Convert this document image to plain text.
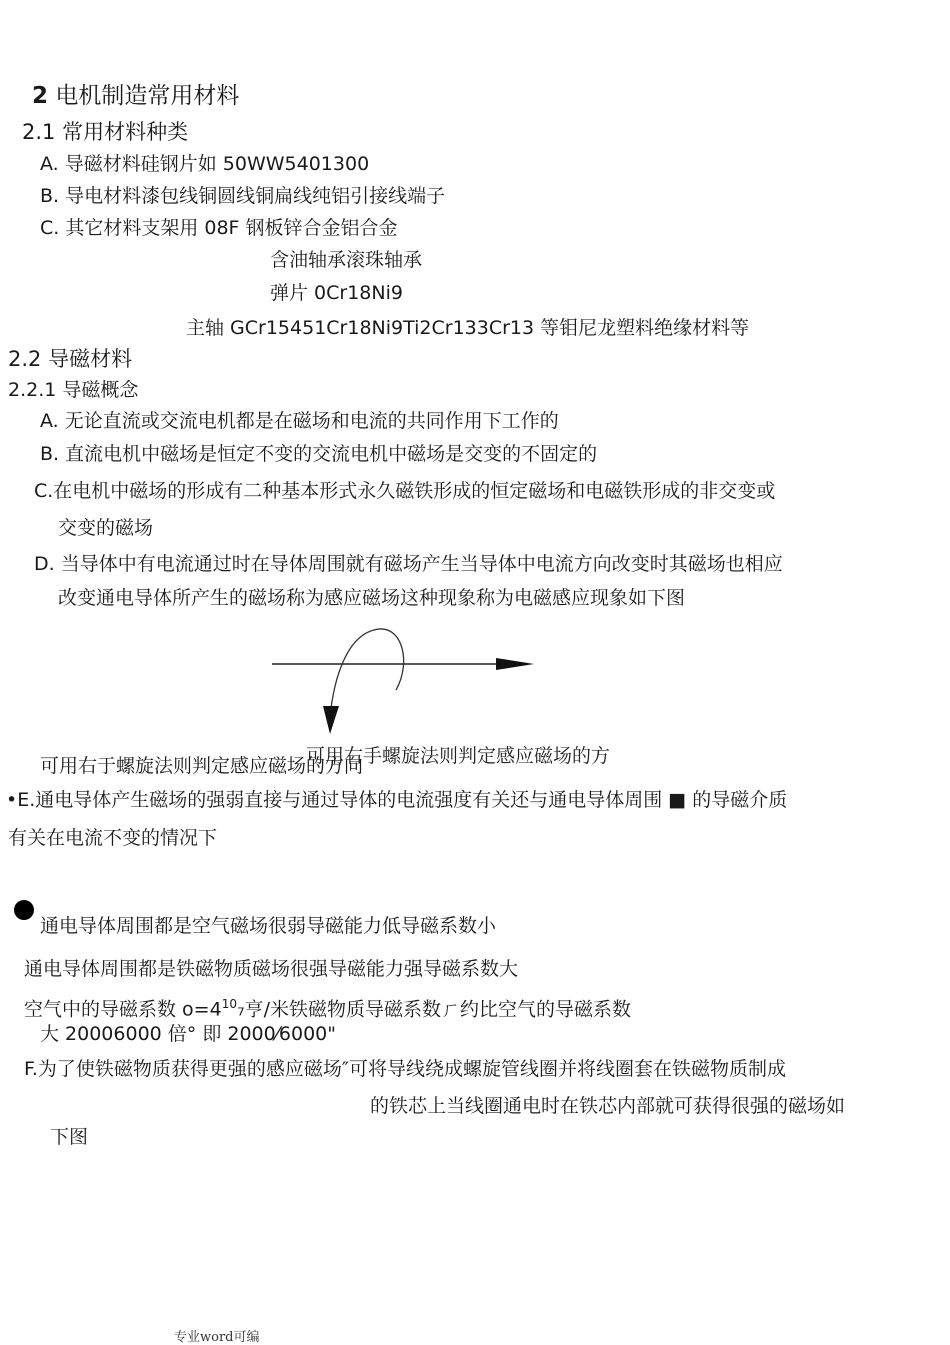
2 电机制造常用材料
2.1 常用材料种类
A. 导磁材料硅钢片如 50WW5401300
B. 导电材料漆包线铜圆线铜扁线纯铝引接线端子
C. 其它材料支架用 08F 钢板锌合金铝合金
含油轴承滚珠轴承
弹片 0Cr18Ni9
主轴 GCr15451Cr18Ni9Ti2Cr133Cr13 等钼尼龙塑料绝缘材料等
2.2 导磁材料
2.2.1 导磁概念
A. 无论直流或交流电机都是在磁场和电流的共同作用下工作的
B. 直流电机中磁场是恒定不变的交流电机中磁场是交变的不固定的
C.在电机中磁场的形成有二种基本形式永久磁铁形成的恒定磁场和电磁铁形成的非交变或
交变的磁场
D. 当导体中有电流通过时在导体周围就有磁场产生当导体中电流方向改变时其磁场也相应
改变通电导体所产生的磁场称为感应磁场这种现象称为电磁感应现象如下图
可用右手螺旋法则判定感应磁场的方
可用右于螺旋法则判定感应磁场的方向
•E.通电导体产生磁场的强弱直接与通过导体的电流强度有关还与通电导体周围 ■ 的导磁介质
有关在电流不变的情况下
通电导体周围都是空气磁场很弱导磁能力低导磁系数小
通电导体周围都是铁磁物质磁场很强导磁能力强导磁系数大
空气中的导磁系数 $o=4^{10}_7$亨/米铁磁物质导磁系数ㄏ约比空气的导磁系数
大 20006000 倍° 即 2000⁄6000"
F.为了使铁磁物质获得更强的感应磁场″可将导线绕成螺旋管线圈并将线圈套在铁磁物质制成
的铁芯上当线圈通电时在铁芯内部就可获得很强的磁场如
下图
专业word可编
